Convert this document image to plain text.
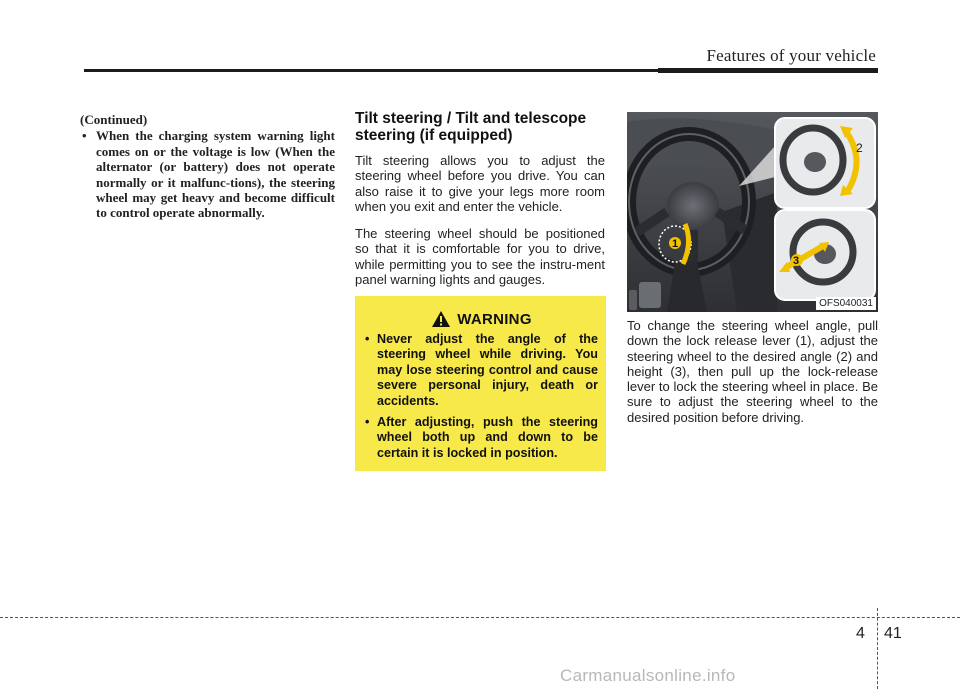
Features of your vehicle
(Continued)
• When the charging system warning light comes on or the voltage is low (When the alternator (or battery) does not operate normally or it malfunc-tions), the steering wheel may get heavy and become difficult to control operate abnormally.
Tilt steering / Tilt and telescope steering (if equipped)

Tilt steering allows you to adjust the steering wheel before you drive. You can also raise it to give your legs more room when you exit and enter the vehicle.

The steering wheel should be positioned so that it is comfortable for you to drive, while permitting you to see the instru-ment panel warning lights and gauges.

WARNING
• Never adjust the angle of the steering wheel while driving. You may lose steering control and cause severe personal injury, death or accidents.
• After adjusting, push the steering wheel both up and down to be certain it is locked in position.
1
2
3
OFS040031
To change the steering wheel angle, pull down the lock release lever (1), adjust the steering wheel to the desired angle (2) and height (3), then pull up the lock-release lever to lock the steering wheel in place. Be sure to adjust the steering wheel to the desired position before driving.
4 41
Carmanualsonline.info
